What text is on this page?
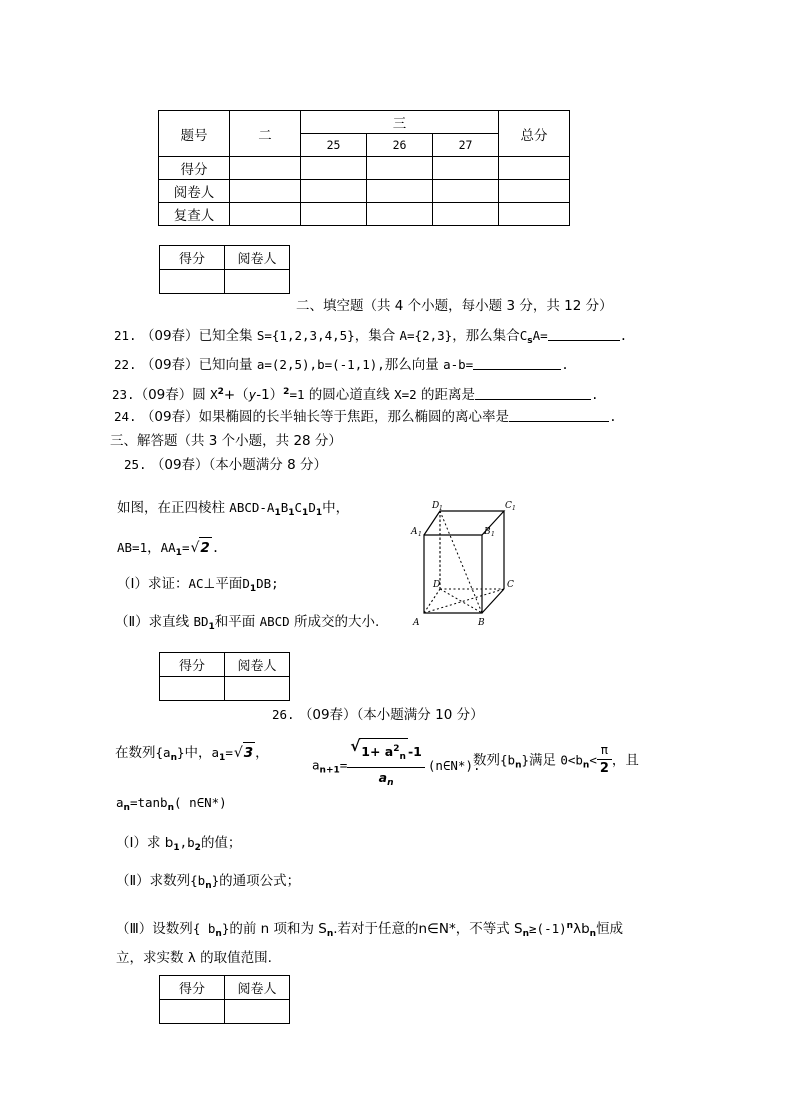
题号	二	三			总分
		25	26	27	
得分					
阅卷人					
复查人					
得分	阅卷人

二、填空题（共 4 个小题，每小题 3 分，共 12 分）
21. （09春）已知全集 S={1,2,3,4,5}，集合 A={2,3}，那么集合$C_sA=$	.
22. （09春）已知向量 a=(2,5),b=(-1,1),那么向量 a-b=	.
23.（09春）圆 $X^2+(y-1)^2=1$ 的圆心道直线 X=2 的距离是	.
24. （09春）如果椭圆的长半轴长等于焦距，那么椭圆的离心率是	.
三、解答题（共 3 个小题，共 28 分）
25. （09春）（本小题满分 8 分）
如图，在正四棱柱 ABCD-$A_1B_1C_1D_1$中，
AB=1，$AA_1=√2$ .
（Ⅰ）求证：AC⊥平面$D_1DB$;
（Ⅱ）求直线 $BD_1$和平面 ABCD 所成交的大小.
D 1	C 1
A 1	B 1
D	C
A	B
得分	阅卷人

26. （09春）（本小题满分 10 分）
在数列$\{a_n\}$中，$a_1=√3$ ，
$a_{n+1}= \frac{√ 1+ a^2_n -1}{a_n}$ (n∈N*).
数列$\{b_n\}$满足 $0<b_n< \frac{\pi}{2}$ ，且
$a_n=\tan b_n$( n∈N*)
（Ⅰ）求 $b_1,b_2$的值；
（Ⅱ）求数列$\{b_n\}$的通项公式；
（Ⅲ）设数列{ $b_n$}的前 n 项和为 $S_n$.若对于任意的n∈N*，不等式 $S_n\ge(-1)^n\lambda b_n$恒成
立，求实数 λ 的取值范围.
得分	阅卷人
